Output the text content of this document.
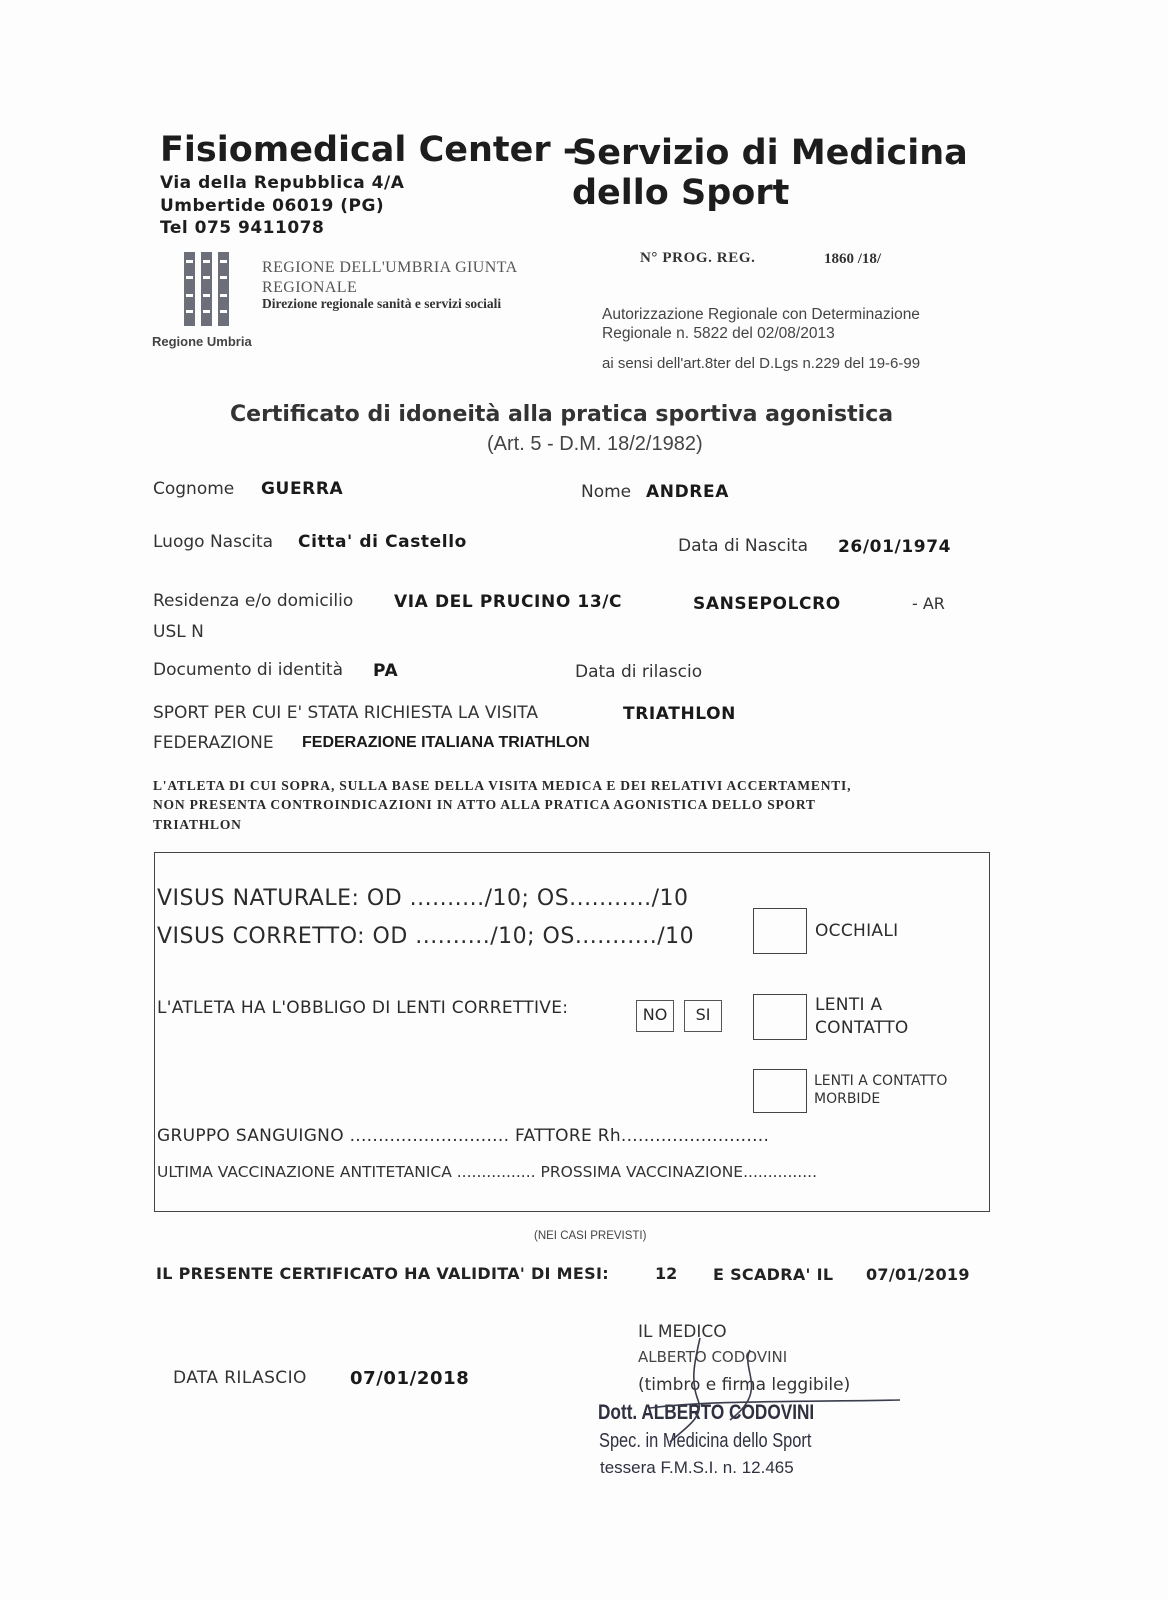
Fisiomedical Center -
Servizio di Medicina
dello Sport
Via della Repubblica 4/A
Umbertide 06019 (PG)
Tel 075 9411078
Regione Umbria
REGIONE DELL'UMBRIA GIUNTA
REGIONALE
Direzione regionale sanità e servizi sociali
N° PROG. REG.	1860 /18/
Autorizzazione Regionale con Determinazione
Regionale n. 5822 del 02/08/2013
ai sensi dell'art.8ter del D.Lgs n.229 del 19-6-99
Certificato di idoneità alla pratica sportiva agonistica
(Art. 5 - D.M. 18/2/1982)
Cognome GUERRA	Nome ANDREA
Luogo Nascita Citta' di Castello	Data di Nascita 26/01/1974
Residenza e/o domicilio VIA DEL PRUCINO 13/C	SANSEPOLCRO	- AR
USL N
Documento di identità PA	Data di rilascio
SPORT PER CUI E' STATA RICHIESTA LA VISITA	TRIATHLON
FEDERAZIONE FEDERAZIONE ITALIANA TRIATHLON
L'ATLETA DI CUI SOPRA, SULLA BASE DELLA VISITA MEDICA E DEI RELATIVI ACCERTAMENTI,
NON PRESENTA CONTROINDICAZIONI IN ATTO ALLA PRATICA AGONISTICA DELLO SPORT
TRIATHLON
VISUS NATURALE: OD ........../10; OS.........../10
VISUS CORRETTO: OD ........../10; OS.........../10	OCCHIALI
L'ATLETA HA L'OBBLIGO DI LENTI CORRETTIVE:	NO	SI	LENTI A
CONTATTO
LENTI A CONTATTO
MORBIDE
GRUPPO SANGUIGNO ............................ FATTORE Rh..........................
ULTIMA VACCINAZIONE ANTITETANICA ................ PROSSIMA VACCINAZIONE...............
(NEI CASI PREVISTI)
IL PRESENTE CERTIFICATO HA VALIDITA' DI MESI:	12 E SCADRA' IL 07/01/2019
DATA RILASCIO 07/01/2018
IL MEDICO
ALBERTO CODOVINI
(timbro e firma leggibile)
Dott. ALBERTO CODOVINI
Spec. in Medicina dello Sport
tessera F.M.S.I. n. 12.465
